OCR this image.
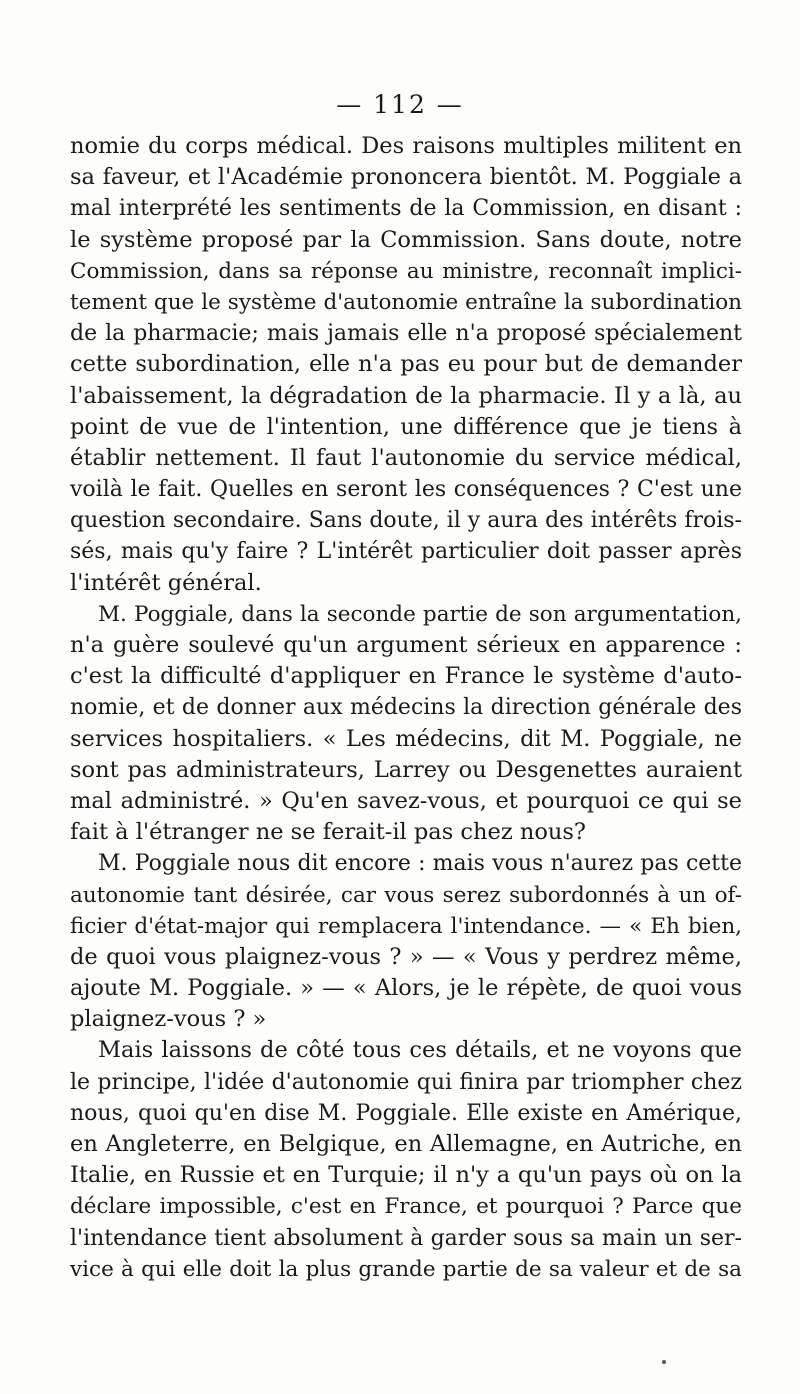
— 112 —
nomie du corps médical. Des raisons multiples militent en
sa faveur, et l'Académie prononcera bientôt. M. Poggiale a
mal interprété les sentiments de la Commission, en disant :
le système proposé par la Commission. Sans doute, notre
Commission, dans sa réponse au ministre, reconnaît implici-
tement que le système d'autonomie entraîne la subordination
de la pharmacie; mais jamais elle n'a proposé spécialement
cette subordination, elle n'a pas eu pour but de demander
l'abaissement, la dégradation de la pharmacie. Il y a là, au
point de vue de l'intention, une différence que je tiens à
établir nettement. Il faut l'autonomie du service médical,
voilà le fait. Quelles en seront les conséquences ? C'est une
question secondaire. Sans doute, il y aura des intérêts frois-
sés, mais qu'y faire ? L'intérêt particulier doit passer après
l'intérêt général.
M. Poggiale, dans la seconde partie de son argumentation,
n'a guère soulevé qu'un argument sérieux en apparence :
c'est la difficulté d'appliquer en France le système d'auto-
nomie, et de donner aux médecins la direction générale des
services hospitaliers. « Les médecins, dit M. Poggiale, ne
sont pas administrateurs, Larrey ou Desgenettes auraient
mal administré. » Qu'en savez-vous, et pourquoi ce qui se
fait à l'étranger ne se ferait-il pas chez nous?
M. Poggiale nous dit encore : mais vous n'aurez pas cette
autonomie tant désirée, car vous serez subordonnés à un of-
ficier d'état-major qui remplacera l'intendance. — « Eh bien,
de quoi vous plaignez-vous ? » — « Vous y perdrez même,
ajoute M. Poggiale. » — « Alors, je le répète, de quoi vous
plaignez-vous ? »
Mais laissons de côté tous ces détails, et ne voyons que
le principe, l'idée d'autonomie qui finira par triompher chez
nous, quoi qu'en dise M. Poggiale. Elle existe en Amérique,
en Angleterre, en Belgique, en Allemagne, en Autriche, en
Italie, en Russie et en Turquie; il n'y a qu'un pays où on la
déclare impossible, c'est en France, et pourquoi ? Parce que
l'intendance tient absolument à garder sous sa main un ser-
vice à qui elle doit la plus grande partie de sa valeur et de sa
